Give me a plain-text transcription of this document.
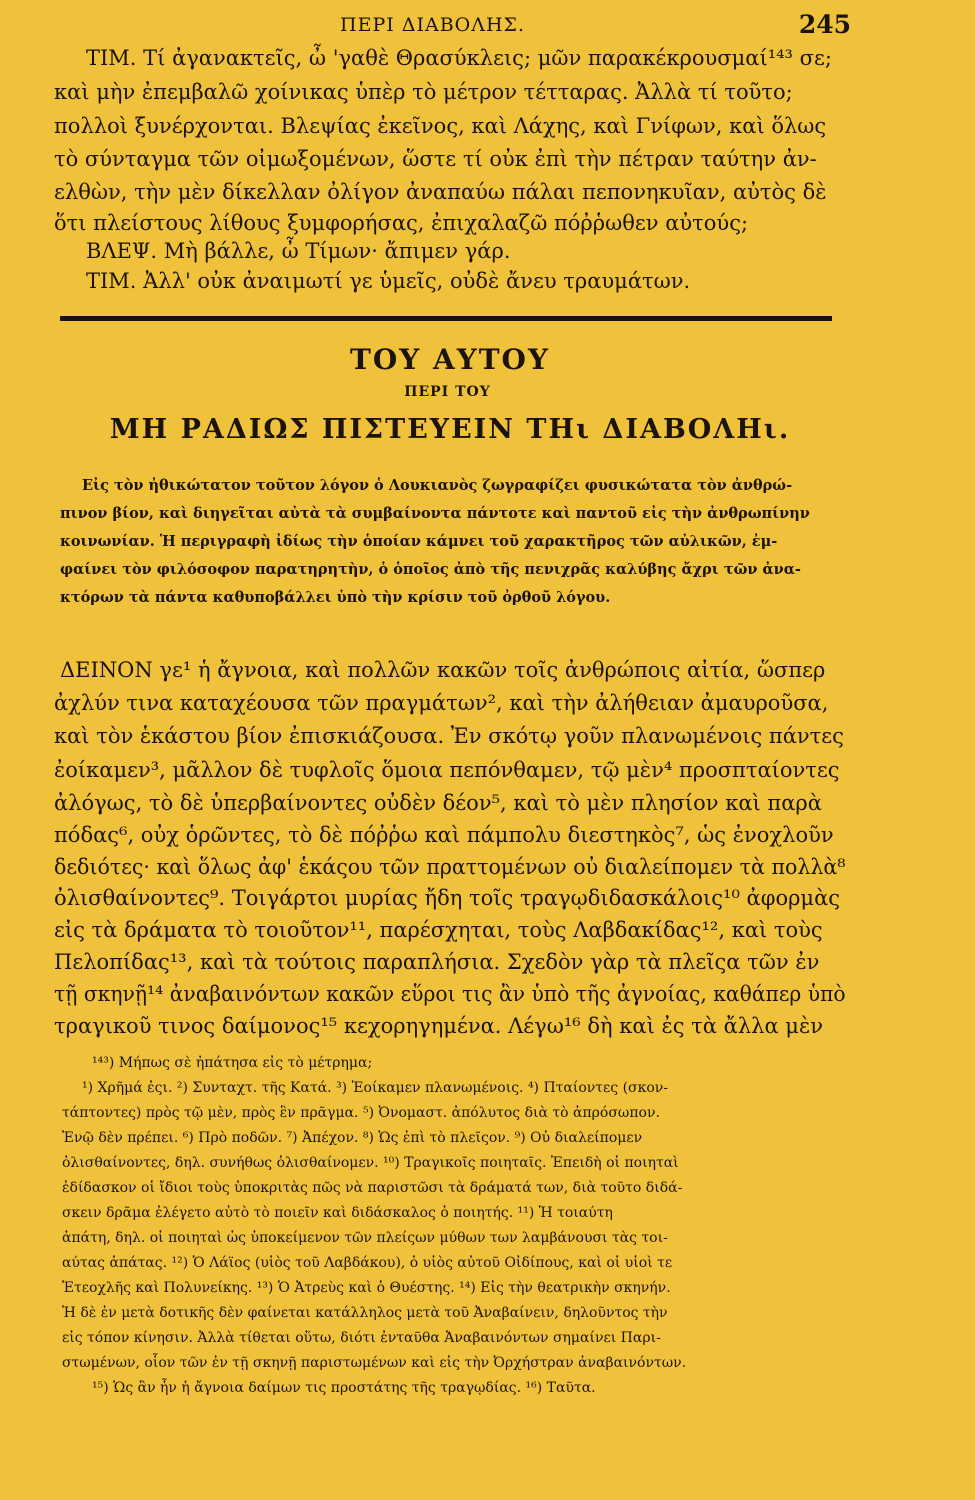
ΠΕΡΙ ΔΙΑΒΟΛΗΣ.	245
ΤΙΜ. Τί ἀγανακτεῖς, ὦ 'γαθὲ Θρασύκλεις; μῶν παρακέκρουσμαί¹⁴³ σε;
καὶ μὴν ἐπεμβαλῶ χοίνικας ὑπὲρ τὸ μέτρον τέτταρας. Ἀλλὰ τί τοῦτο;
πολλοὶ ξυνέρχονται. Βλεψίας ἐκεῖνος, καὶ Λάχης, καὶ Γνίφων, καὶ ὅλως
τὸ σύνταγμα τῶν οἰμωξομένων, ὥστε τί οὐκ ἐπὶ τὴν πέτραν ταύτην ἀν-
ελθὼν, τὴν μὲν δίκελλαν ὀλίγον ἀναπαύω πάλαι πεπονηκυῖαν, αὐτὸς δὲ
ὅτι πλείστους λίθους ξυμφορήσας, ἐπιχαλαζῶ πόῤῥωθεν αὐτούς;
ΒΛΕΨ. Μὴ βάλλε, ὦ Τίμων· ἄπιμεν γάρ.
ΤΙΜ. Ἀλλ' οὐκ ἀναιμωτί γε ὑμεῖς, οὐδὲ ἄνευ τραυμάτων.
ΤΟΥ ΑΥΤΟΥ
ΠΕΡΙ ΤΟΥ
ΜΗ ΡΑΔΙΩΣ ΠΙΣΤΕΥΕΙΝ ΤΗι ΔΙΑΒΟΛΗι.
Εἰς τὸν ἠθικώτατον τοῦτον λόγον ὁ Λουκιανὸς ζωγραφίζει φυσικώτατα τὸν ἀνθρώ-
πινον βίον, καὶ διηγεῖται αὐτὰ τὰ συμβαίνοντα πάντοτε καὶ παντοῦ εἰς τὴν ἀνθρωπίνην
κοινωνίαν. Ἡ περιγραφὴ ἰδίως τὴν ὁποίαν κάμνει τοῦ χαρακτῆρος τῶν αὐλικῶν, ἐμ-
φαίνει τὸν φιλόσοφον παρατηρητὴν, ὁ ὁποῖος ἀπὸ τῆς πενιχρᾶς καλύβης ἄχρι τῶν ἀνα-
κτόρων τὰ πάντα καθυποβάλλει ὑπὸ τὴν κρίσιν τοῦ ὀρθοῦ λόγου.
ΔΕΙΝΟΝ γε¹ ἡ ἄγνοια, καὶ πολλῶν κακῶν τοῖς ἀνθρώποις αἰτία, ὥσπερ
ἀχλύν τινα καταχέουσα τῶν πραγμάτων², καὶ τὴν ἀλήθειαν ἀμαυροῦσα,
καὶ τὸν ἑκάστου βίον ἐπισκιάζουσα. Ἐν σκότῳ γοῦν πλανωμένοις πάντες
ἐοίκαμεν³, μᾶλλον δὲ τυφλοῖς ὅμοια πεπόνθαμεν, τῷ μὲν⁴ προσπταίοντες
ἀλόγως, τὸ δὲ ὑπερβαίνοντες οὐδὲν δέον⁵, καὶ τὸ μὲν πλησίον καὶ παρὰ
πόδας⁶, οὐχ ὁρῶντες, τὸ δὲ πόῤῥω καὶ πάμπολυ διεστηκὸς⁷, ὡς ἐνοχλοῦν
δεδιότες· καὶ ὅλως ἀφ' ἑκάςου τῶν πραττομένων οὐ διαλείπομεν τὰ πολλὰ⁸
ὀλισθαίνοντες⁹. Τοιγάρτοι μυρίας ἤδη τοῖς τραγῳδιδασκάλοις¹⁰ ἀφορμὰς
εἰς τὰ δράματα τὸ τοιοῦτον¹¹, παρέσχηται, τοὺς Λαβδακίδας¹², καὶ τοὺς
Πελοπίδας¹³, καὶ τὰ τούτοις παραπλήσια. Σχεδὸν γὰρ τὰ πλεῖςα τῶν ἐν
τῇ σκηνῇ¹⁴ ἀναβαινόντων κακῶν εὕροι τις ἂν ὑπὸ τῆς ἀγνοίας, καθάπερ ὑπὸ
τραγικοῦ τινος δαίμονος¹⁵ κεχορηγημένα. Λέγω¹⁶ δὴ καὶ ἐς τὰ ἄλλα μὲν
¹⁴³) Μήπως σὲ ἠπάτησα εἰς τὸ μέτρημα;
¹) Χρῆμά ἐςι. ²) Συνταχτ. τῆς Κατά. ³) Ἐοίκαμεν πλανωμένοις. ⁴) Πταίοντες (σκον-
τάπτοντες) πρὸς τῷ μὲν, πρὸς ἓν πρᾶγμα. ⁵) Ὀνομαστ. ἀπόλυτος διὰ τὸ ἀπρόσωπον.
Ἐνῷ δὲν πρέπει. ⁶) Πρὸ ποδῶν. ⁷) Ἀπέχον. ⁸) Ὡς ἐπὶ τὸ πλεῖςον. ⁹) Οὐ διαλείπομεν
ὀλισθαίνοντες, δηλ. συνήθως ὀλισθαίνομεν. ¹⁰) Τραγικοῖς ποιηταῖς. Ἐπειδὴ οἱ ποιηταὶ
ἐδίδασκον οἱ ἴδιοι τοὺς ὑποκριτὰς πῶς νὰ παριστῶσι τὰ δράματά των, διὰ τοῦτο διδά-
σκειν δρᾶμα ἐλέγετο αὐτὸ τὸ ποιεῖν καὶ διδάσκαλος ὁ ποιητής. ¹¹) Ἡ τοιαύτη
ἀπάτη, δηλ. οἱ ποιηταὶ ὡς ὑποκείμενον τῶν πλείςων μύθων των λαμβάνουσι τὰς τοι-
αύτας ἀπάτας. ¹²) Ὁ Λάϊος (υἱὸς τοῦ Λαβδάκου), ὁ υἱὸς αὐτοῦ Οἰδίπους, καὶ οἱ υἱοὶ τε
Ἐτεοχλῆς καὶ Πολυνείκης. ¹³) Ὁ Ἀτρεὺς καὶ ὁ Θυέστης. ¹⁴) Εἰς τὴν θεατρικὴν σκηνήν.
Ἡ δὲ ἐν μετὰ δοτικῆς δὲν φαίνεται κατάλληλος μετὰ τοῦ Ἀναβαίνειν, δηλοῦντος τὴν
εἰς τόπον κίνησιν. Ἀλλὰ τίθεται οὕτω, διότι ἐνταῦθα Ἀναβαινόντων σημαίνει Παρι-
στωμένων, οἷον τῶν ἐν τῇ σκηνῇ παριστωμένων καὶ εἰς τὴν Ὀρχήστραν ἀναβαινόντων.
¹⁵) Ὡς ἂν ἦν ἡ ἄγνοια δαίμων τις προστάτης τῆς τραγῳδίας. ¹⁶) Ταῦτα.
